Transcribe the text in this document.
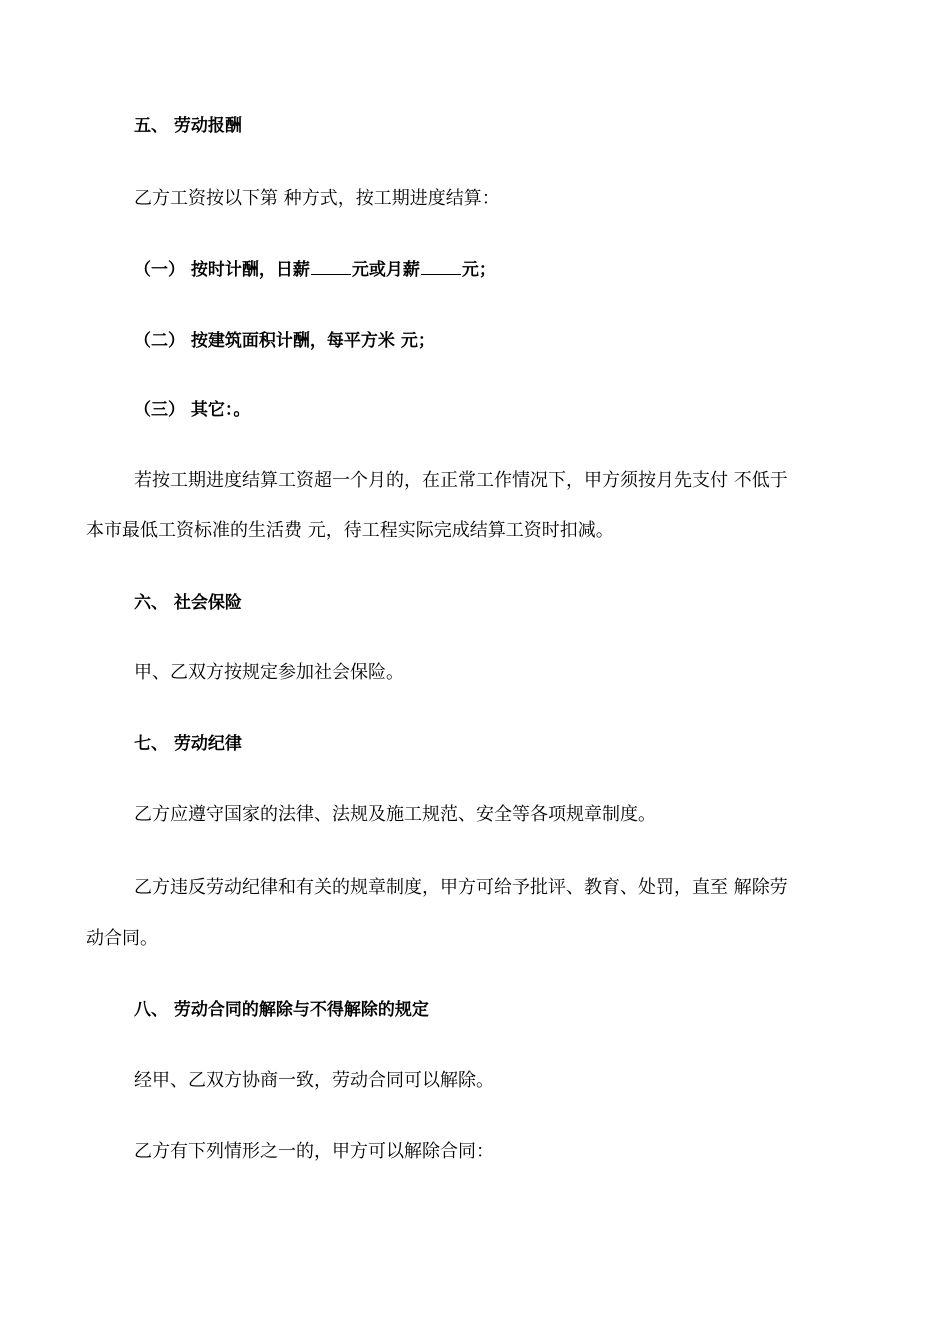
五、 劳动报酬
乙方工资按以下第 种方式，按工期进度结算：
（一） 按时计酬，日薪 元或月薪 元；
（二） 按建筑面积计酬，每平方米 元；
（三） 其它：。
若按工期进度结算工资超一个月的，在正常工作情况下，甲方须按月先支付 不低于
本市最低工资标准的生活费 元，待工程实际完成结算工资时扣减。
六、 社会保险
甲、乙双方按规定参加社会保险。
七、 劳动纪律
乙方应遵守国家的法律、法规及施工规范、安全等各项规章制度。
乙方违反劳动纪律和有关的规章制度，甲方可给予批评、教育、处罚，直至 解除劳
动合同。
八、 劳动合同的解除与不得解除的规定
经甲、乙双方协商一致，劳动合同可以解除。
乙方有下列情形之一的，甲方可以解除合同：
